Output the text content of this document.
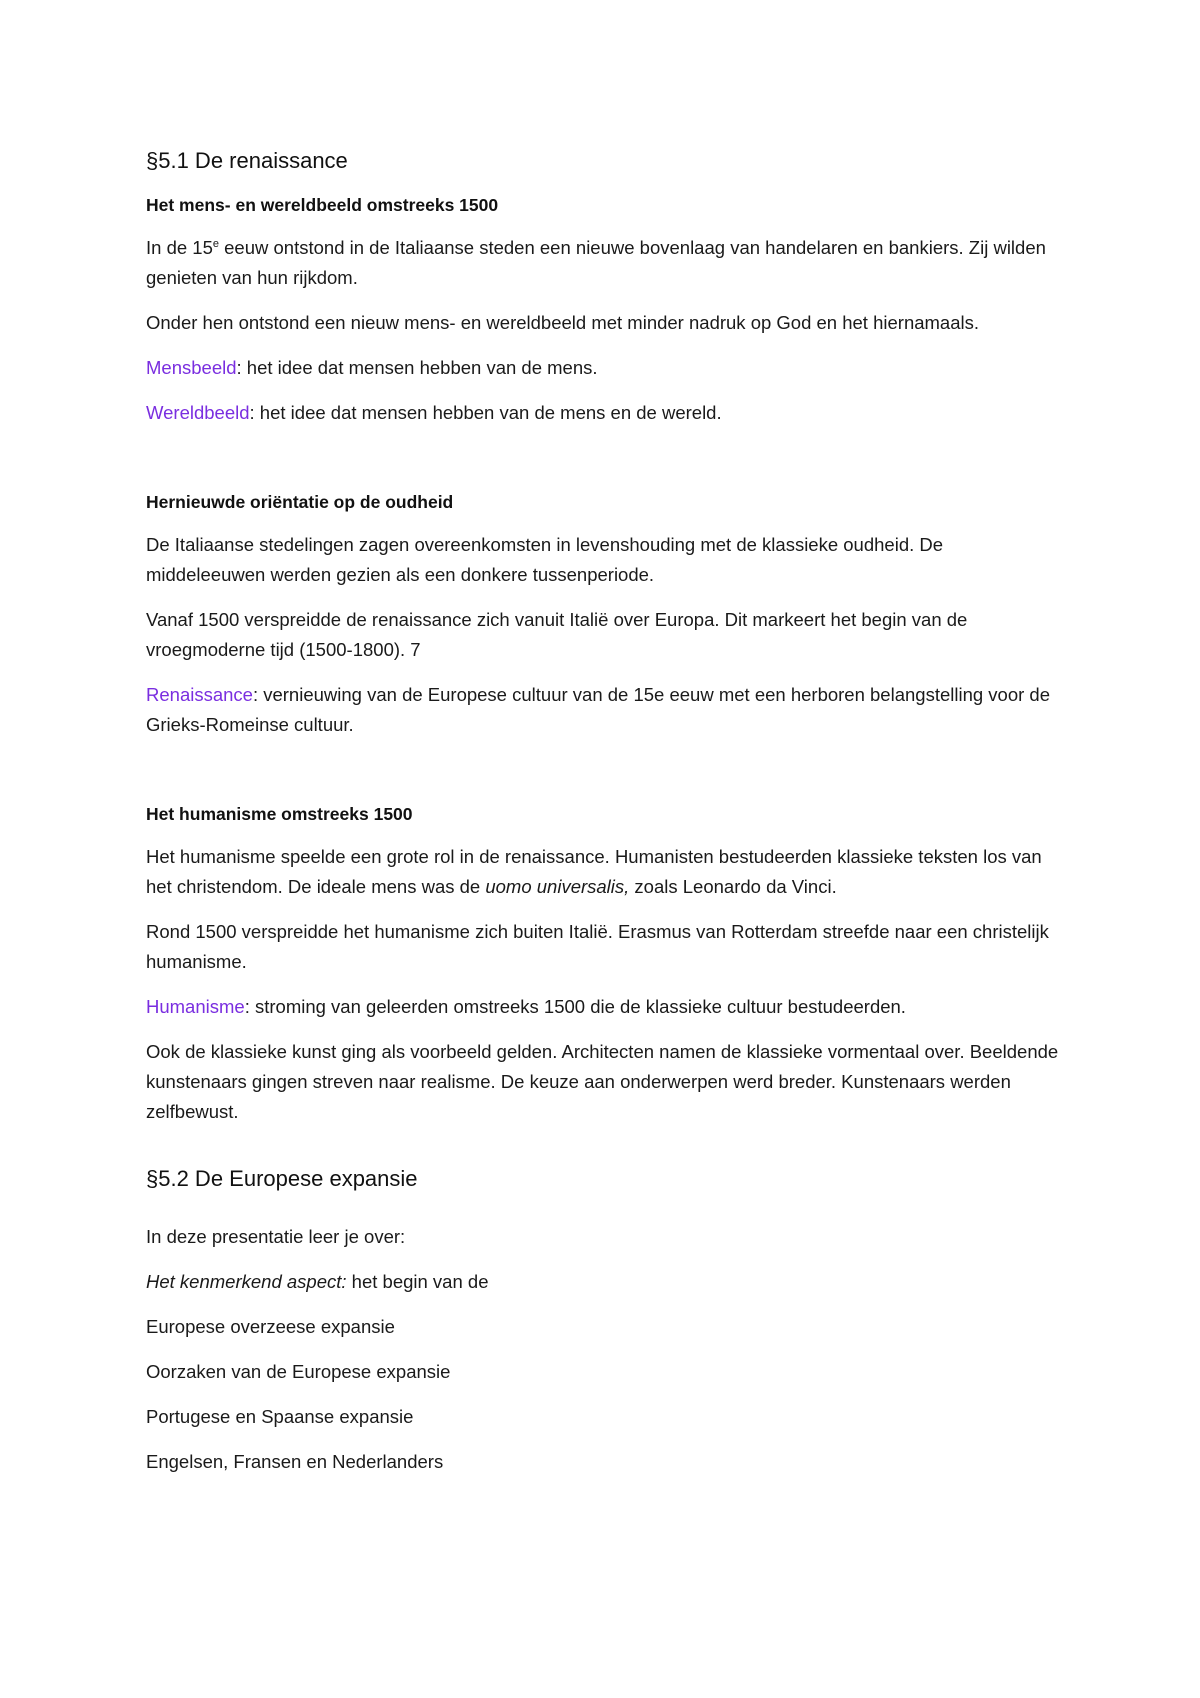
§5.1 De renaissance
Het mens- en wereldbeeld omstreeks 1500

In de 15e eeuw ontstond in de Italiaanse steden een nieuwe bovenlaag van handelaren en bankiers. Zij wilden genieten van hun rijkdom.

Onder hen ontstond een nieuw mens- en wereldbeeld met minder nadruk op God en het hiernamaals.

Mensbeeld: het idee dat mensen hebben van de mens.

Wereldbeeld: het idee dat mensen hebben van de mens en de wereld.

Hernieuwde oriëntatie op de oudheid

De Italiaanse stedelingen zagen overeenkomsten in levenshouding met de klassieke oudheid. De middeleeuwen werden gezien als een donkere tussenperiode.

Vanaf 1500 verspreidde de renaissance zich vanuit Italië over Europa. Dit markeert het begin van de vroegmoderne tijd (1500-1800). 7

Renaissance: vernieuwing van de Europese cultuur van de 15e eeuw met een herboren belangstelling voor de Grieks-Romeinse cultuur.

Het humanisme omstreeks 1500

Het humanisme speelde een grote rol in de renaissance. Humanisten bestudeerden klassieke teksten los van het christendom. De ideale mens was de uomo universalis, zoals Leonardo da Vinci.

Rond 1500 verspreidde het humanisme zich buiten Italië. Erasmus van Rotterdam streefde naar een christelijk humanisme.

Humanisme: stroming van geleerden omstreeks 1500 die de klassieke cultuur bestudeerden.

Ook de klassieke kunst ging als voorbeeld gelden. Architecten namen de klassieke vormentaal over. Beeldende kunstenaars gingen streven naar realisme. De keuze aan onderwerpen werd breder. Kunstenaars werden zelfbewust.

§5.2 De Europese expansie

In deze presentatie leer je over:

Het kenmerkend aspect: het begin van de

Europese overzeese expansie

Oorzaken van de Europese expansie

Portugese en Spaanse expansie

Engelsen, Fransen en Nederlanders
